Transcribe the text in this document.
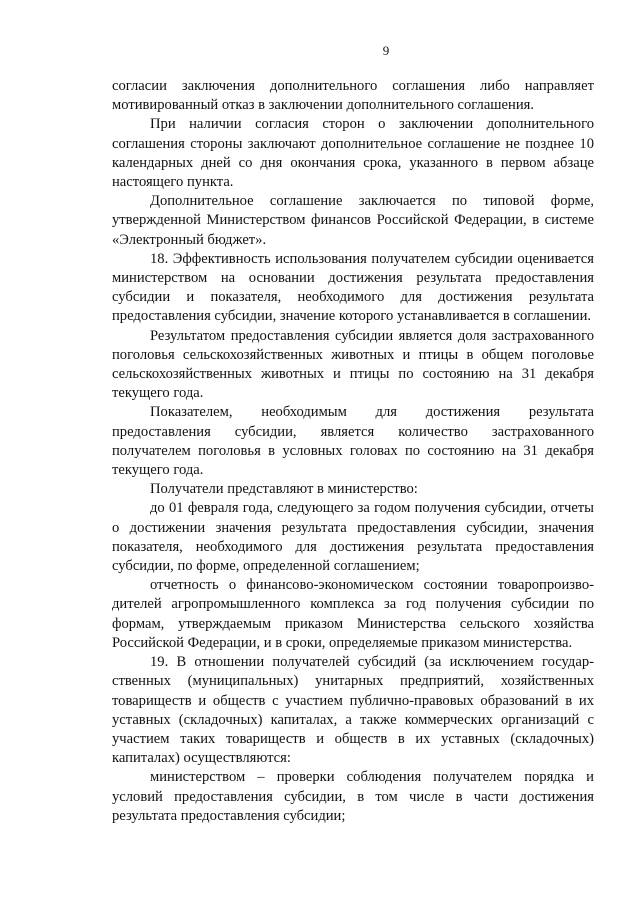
9

согласии заключения дополнительного соглашения либо направляет мотивированный отказ в заключении дополнительного соглашения.

При наличии согласия сторон о заключении дополнительного соглашения стороны заключают дополнительное соглашение не позднее 10 календарных дней со дня окончания срока, указанного в первом абзаце настоящего пункта.

Дополнительное соглашение заключается по типовой форме, утвержденной Министерством финансов Российской Федерации, в системе «Электронный бюджет».

18. Эффективность использования получателем субсидии оценивается министерством на основании достижения результата предоставления субсидии и показателя, необходимого для достижения результата предоставления субсидии, значение которого устанавливается в соглашении.

Результатом предоставления субсидии является доля застрахованного поголовья сельскохозяйственных животных и птицы в общем поголовье сельскохозяйственных животных и птицы по состоянию на 31 декабря текущего года.

Показателем, необходимым для достижения результата предоставления субсидии, является количество застрахованного получателем поголовья в условных головах по состоянию на 31 декабря текущего года.

Получатели представляют в министерство:

до 01 февраля года, следующего за годом получения субсидии, отчеты о достижении значения результата предоставления субсидии, значения показателя, необходимого для достижения результата предоставления субсидии, по форме, определенной соглашением;

отчетность о финансово-экономическом состоянии товаропроизво-дителей агропромышленного комплекса за год получения субсидии по формам, утверждаемым приказом Министерства сельского хозяйства Российской Федерации, и в сроки, определяемые приказом министерства.

19. В отношении получателей субсидий (за исключением государ-ственных (муниципальных) унитарных предприятий, хозяйственных товариществ и обществ с участием публично-правовых образований в их уставных (складочных) капиталах, а также коммерческих организаций с участием таких товариществ и обществ в их уставных (складочных) капиталах) осуществляются:

министерством – проверки соблюдения получателем порядка и условий предоставления субсидии, в том числе в части достижения результата предоставления субсидии;
